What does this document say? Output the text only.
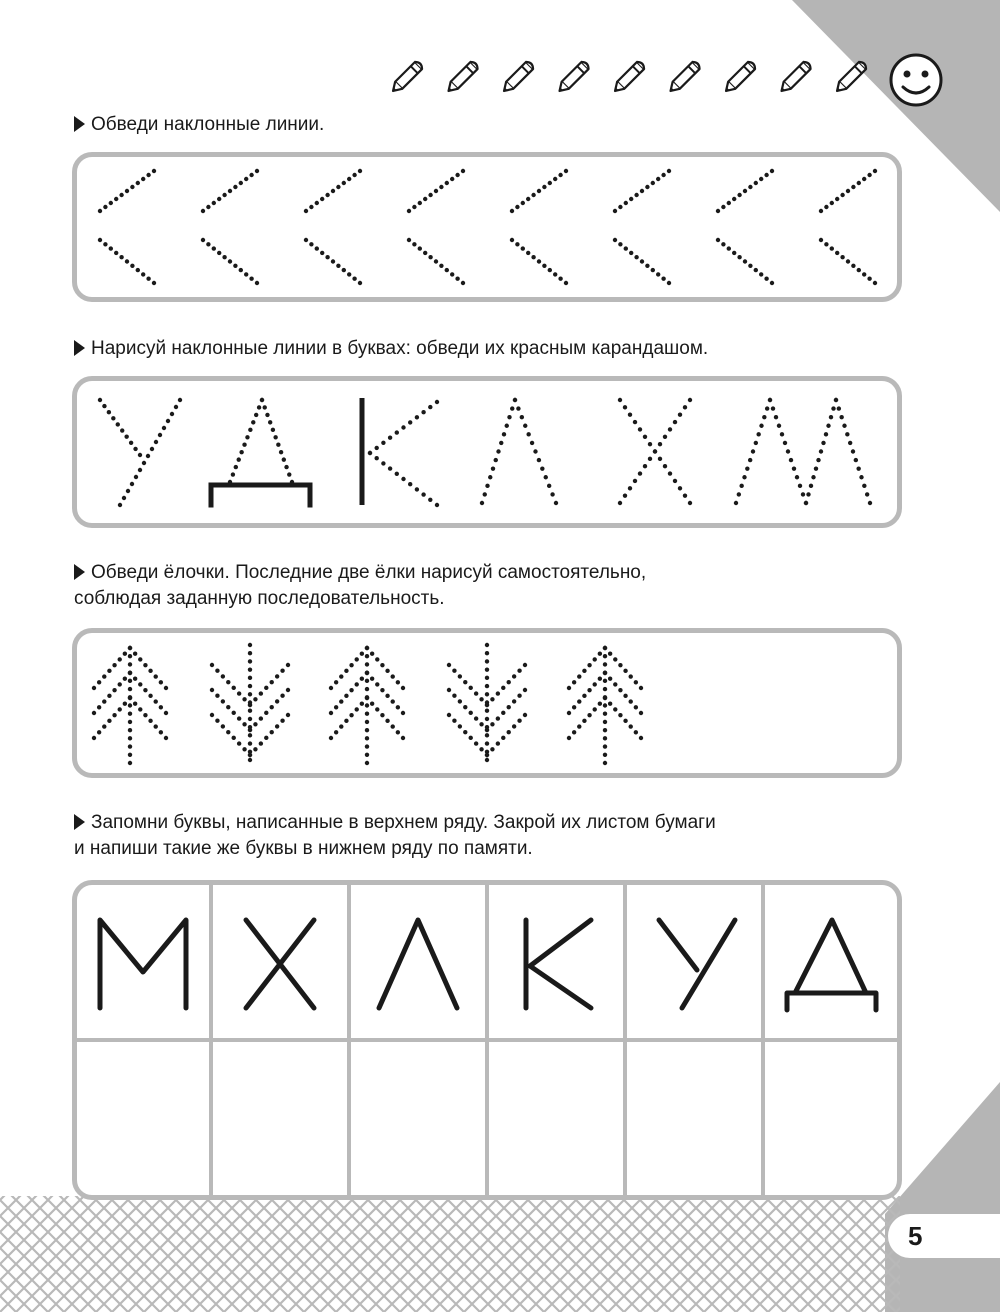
Обведи наклонные линии.
Нарисуй наклонные линии в буквах: обведи их красным карандашом.
Обведи ёлочки. Последние две ёлки нарисуй самостоятельно,
соблюдая заданную последовательность.
Запомни буквы, написанные в верхнем ряду. Закрой их листом бумаги
и напиши такие же буквы в нижнем ряду по памяти.
5
